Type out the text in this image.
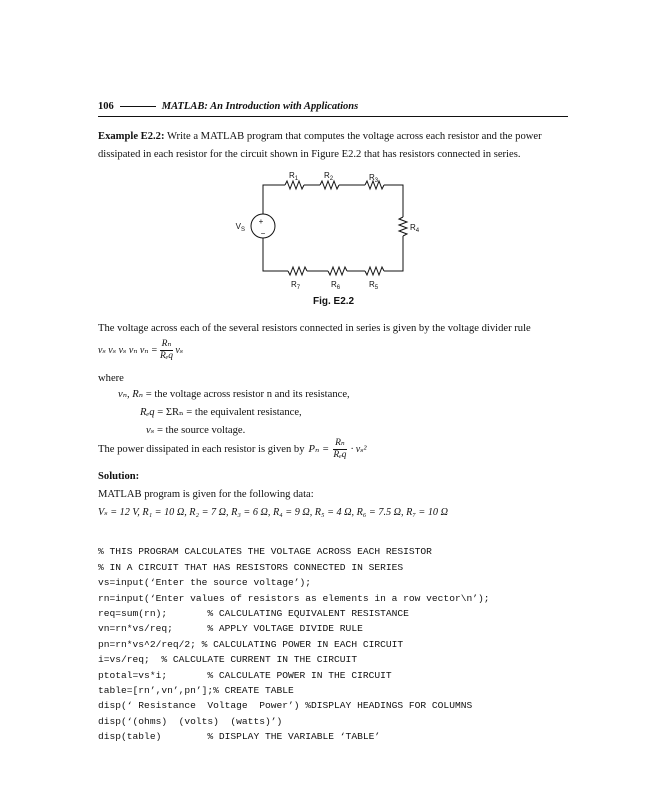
106	MATLAB: An Introduction with Applications
Example E2.2: Write a MATLAB program that computes the voltage across each resistor and the power
dissipated in each resistor for the circuit shown in Figure E2.2 that has resistors connected in series.
+
−
$V_S$
$R_1$	$R_2$	$R_3$
$R_4$
$R_5$
$R_6$
$R_7$
Fig. E2.2
The voltage across each of the several resistors connected in series is given by the voltage divider rule
vₛ vₛ vₛ vₙ $v_n = \frac{\text{Rₙ}}{\text{Rₑq}}$ vₛ
where
vₙ, Rₙ = the voltage across resistor n and its resistance,
Rₑq = ΣRₙ = the equivalent resistance,
vₛ = the source voltage.
The power dissipated in each resistor is given by $P_n = \frac{\text{Rₙ}}{\text{Rₑq}} \cdot v_s^2$
Solution:
MATLAB program is given for the following data:
Vₛ = 12 V, R₁ = 10 Ω, R₂ = 7 Ω, R₃ = 6 Ω, R₄ = 9 Ω, R₅ = 4 Ω, R₆ = 7.5 Ω, R₇ = 10 Ω

% THIS PROGRAM CALCULATES THE VOLTAGE ACROSS EACH RESISTOR
% IN A CIRCUIT THAT HAS RESISTORS CONNECTED IN SERIES
vs=input(‘Enter the source voltage’);
rn=input(‘Enter values of resistors as elements in a row vector\n’);
req=sum(rn);       % CALCULATING EQUIVALENT RESISTANCE
vn=rn*vs/req;      % APPLY VOLTAGE DIVIDE RULE
pn=rn*vs^2/req/2; % CALCULATING POWER IN EACH CIRCUIT
i=vs/req;  % CALCULATE CURRENT IN THE CIRCUIT
ptotal=vs*i;       % CALCULATE POWER IN THE CIRCUIT
table=[rn’,vn’,pn’];% CREATE TABLE
disp(‘ Resistance  Voltage  Power’) %DISPLAY HEADINGS FOR COLUMNS
disp(‘(ohms)  (volts)  (watts)’)
disp(table)        % DISPLAY THE VARIABLE ‘TABLE’
